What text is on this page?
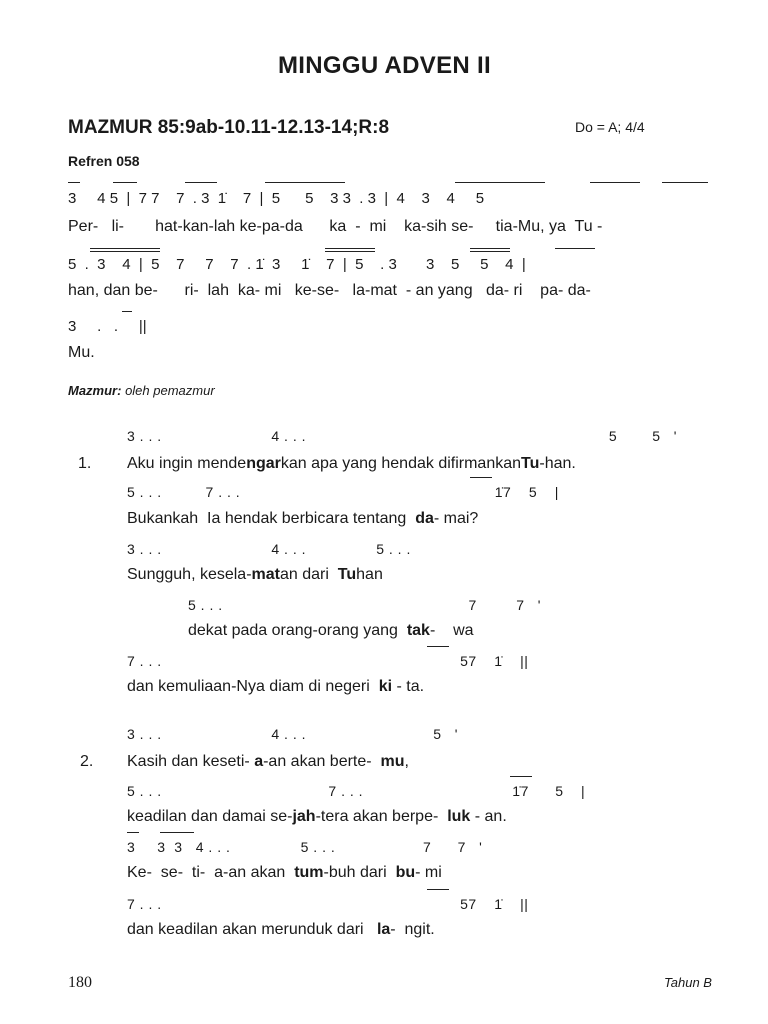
MINGGU ADVEN II
MAZMUR 85:9ab-10.11-12.13-14;R:8	Do = A; 4/4
Refren 058
3     4 5  |  7 7    7  . 3  1̇    7  |  5      5    3 3  . 3  |  4    3    4     5
Per-   li-       hat-kan-lah ke-pa-da      ka  -  mi    ka-sih se-     tia-Mu, ya  Tu -
5  .  3    4  |  5    7     7    7  . 1̇  3     1̇    7  |  5    . 3       3    5     5    4  |
han, dan be-      ri-  lah  ka- mi   ke-se-   la-mat  - an yang   da- ri    pa- da-
3     .   .     ||
Mu.
Mazmur: oleh pemazmur
1.
3 . . .                         4 . . .                                                                     5        5   '
Aku ingin mendengarkan apa yang hendak difirmankanTu-han.
5 . . .          7 . . .                                                          1̇7    5    |
Bukankah  Ia hendak berbicara tentang  da- mai?
3 . . .                         4 . . .                5 . . .
Sungguh, kesela-matan dari  Tuhan
5 . . .                                                        7         7   '
dekat pada orang-orang yang  tak-    wa
7 . . .                                                                    57    1̇    ||
dan kemuliaan-Nya diam di negeri  ki - ta.
2.
3 . . .                         4 . . .                             5   '
Kasih dan keseti- a-an akan berte-  mu,
5 . . .                                      7 . . .                                  1̇7      5    |
keadilan dan damai se-jah-tera akan berpe-  luk - an.
3     3  3   4 . . .                5 . . .                    7      7   '
Ke-  se-  ti-  a-an akan  tum-buh dari  bu- mi
7 . . .                                                                    57    1̇    ||
dan keadilan akan merunduk dari   la-  ngit.
180	Tahun B
